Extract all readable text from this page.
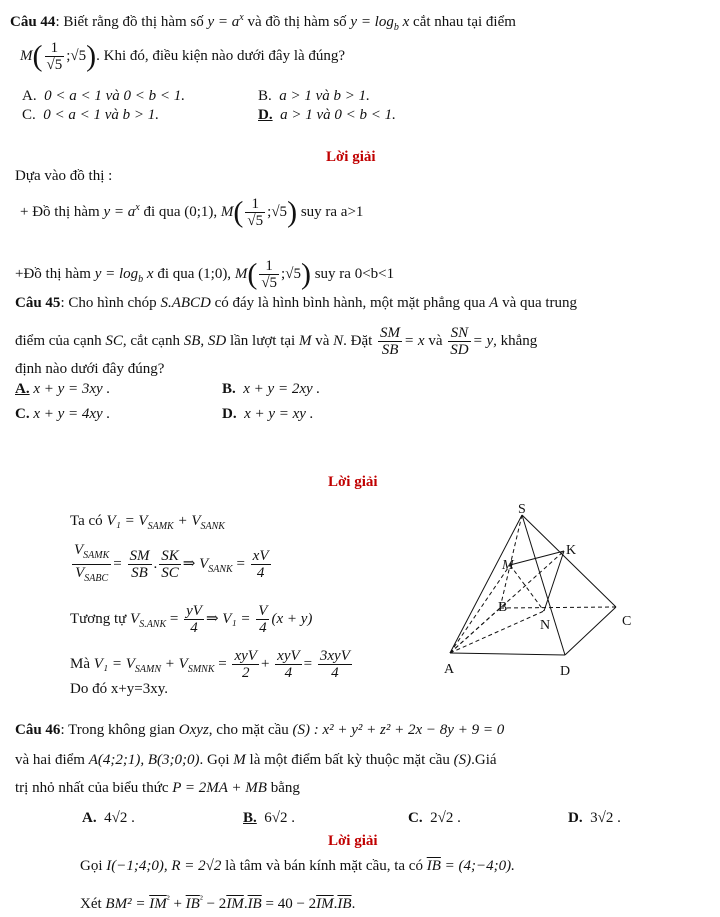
Câu 44: Biết rằng đồ thị hàm số $y = a^x$ và đồ thị hàm số $y = \log_b x$ cắt nhau tại điểm
$M( \frac{1}{√5}$ ;√5). Khi đó, điều kiện nào dưới đây là đúng?
A. 0 < a < 1 và 0 < b < 1.	B. a > 1 và b > 1.
C. 0 < a < 1 và b > 1.	D. a > 1 và 0 < b < 1.
Lời giải
Dựa vào đồ thị :
+ Đồ thị hàm $y = a^x$ đi qua (0;1), $M( \frac{1}{√5}$ ;√5) suy ra a>1
+Đồ thị hàm $y = \log_b x$ đi qua (1;0), $M( \frac{1}{√5}$ ;√5) suy ra 0<b<1
Câu 45: Cho hình chóp S.ABCD có đáy là hình bình hành, một mặt phẳng qua A và qua trung
điểm của cạnh SC, cắt cạnh SB, SD lần lượt tại M và N. Đặt $\frac{SM}{SB} = x$ và $\frac{SN}{SD} = y$, khẳng
định nào dưới đây đúng?
A. x + y = 3xy .	B. x + y = 2xy .
C. x + y = 4xy .	D. x + y = xy .
Lời giải
Ta có $V_1 = V_{SAMK} + V_{SANK}$
$\frac{V_{SAMK}}{V_{SABC}} = \frac{SM}{SB}$ . $\frac{SK}{SC}$ ⇒ $V_{SANK} = \frac{xV}{4}$
Tương tự $V_{S.ANK} = \frac{yV}{4}$ ⇒ $V_1 = \frac{V}{4} (x + y)$
Mà $V_1 = V_{SAMN} + V_{SMNK} = \frac{\text{xyV}}{2} + \frac{\text{xyV}}{4} = \frac{\text{3xyV}}{4}$
Do đó x+y=3xy.
S
M
K
B
N	C
A	D
Câu 46: Trong không gian Oxyz, cho mặt cầu (S) : x² + y² + z² + 2x − 8y + 9 = 0
và hai điểm A(4;2;1), B(3;0;0). Gọi M là một điểm bất kỳ thuộc mặt cầu (S).Giá
trị nhỏ nhất của biểu thức P = 2MA + MB bằng
A. 4√2 .	B. 6√2 .	C. 2√2 .	D. 3√2 .
Lời giải
Gọi I(−1;4;0), R = 2√2 là tâm và bán kính mặt cầu, ta có $\overline{IB}$ = (4;−4;0).
Xét $BM^2 = \overline{IM}^{^2} + \overline{IB}^{^2} - 2\overline{IM}.\overline{IB} = 40 - 2\overline{IM}.\overline{IB}$.
